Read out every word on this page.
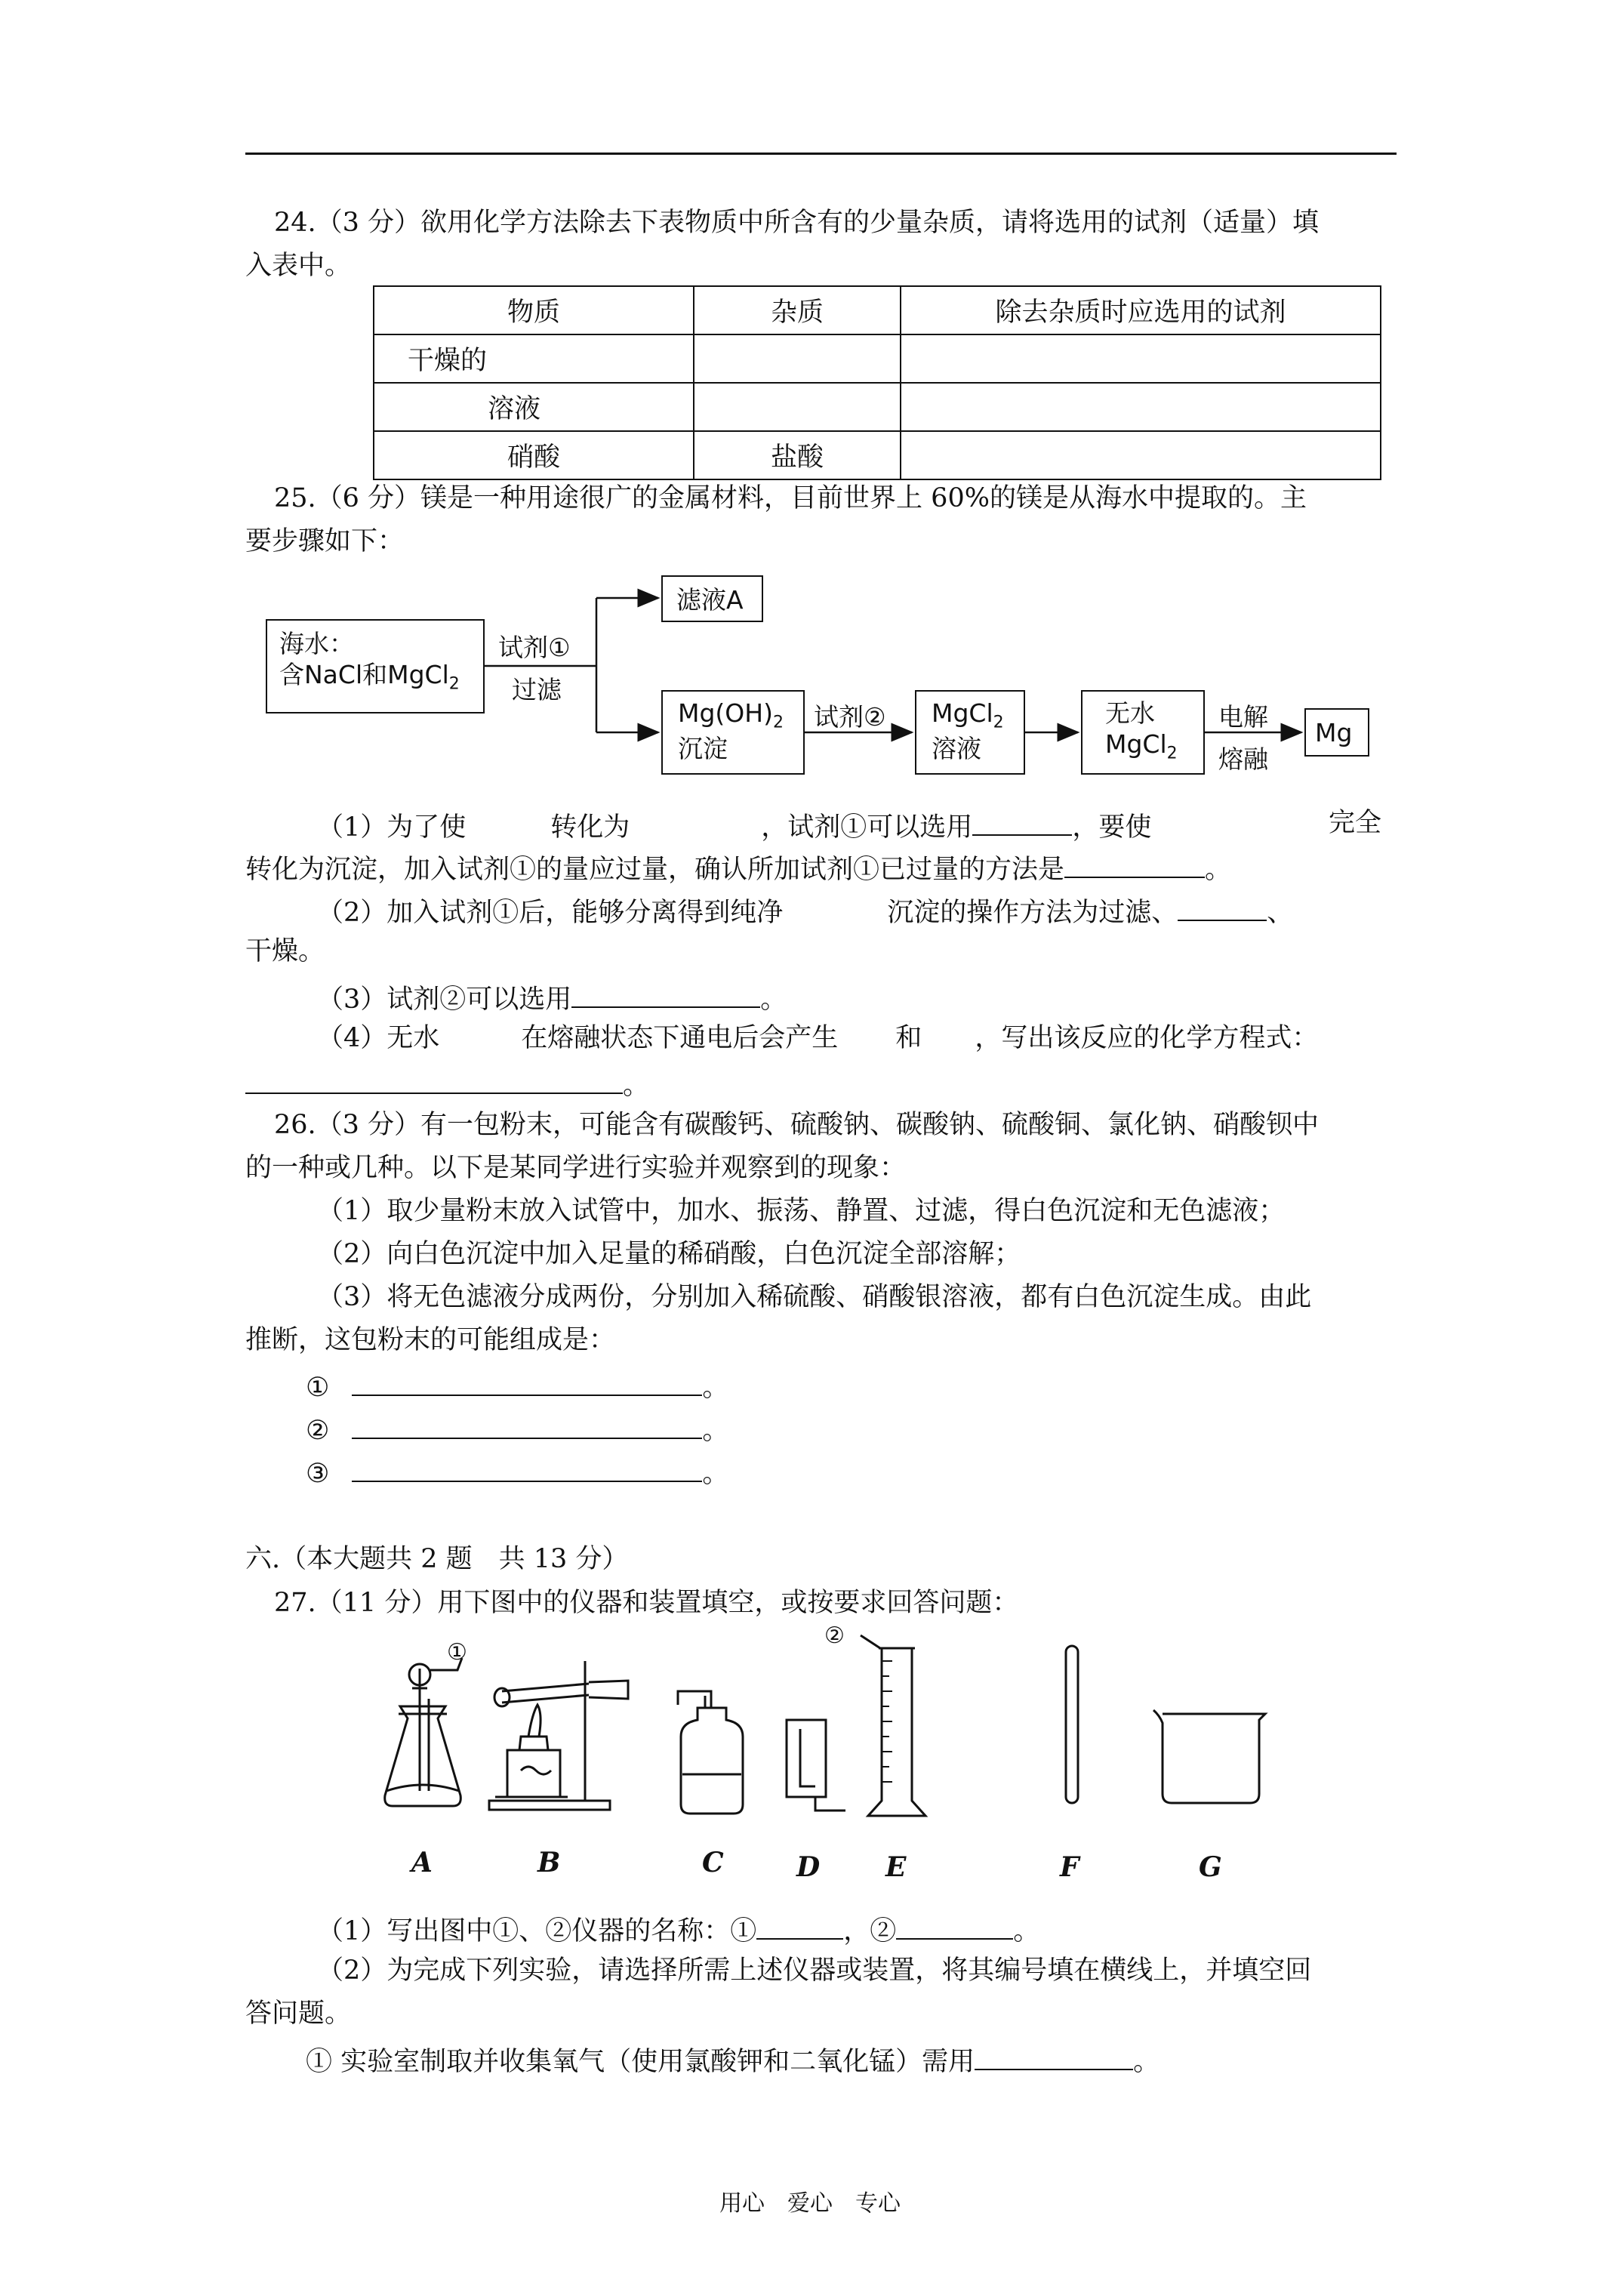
24.（3 分）欲用化学方法除去下表物质中所含有的少量杂质，请将选用的试剂（适量）填
入表中。
物质	杂质	除去杂质时应选用的试剂
干燥的		
溶液		
硝酸	盐酸	
25.（6 分）镁是一种用途很广的金属材料，目前世界上 60%的镁是从海水中提取的。主
要步骤如下：
海水：
含NaCl和MgCl$_2$
试剂①
过滤
滤液A
$Mg(OH)_2$
沉淀
试剂② MgCl$_2$
溶液
无水
MgCl$_2$
电解
熔融
Mg
（1）为了使	转化为	，试剂①可以选用	，要使	完全
转化为沉淀，加入试剂①的量应过量，确认所加试剂①已过量的方法是	。
（2）加入试剂①后，能够分离得到纯净	沉淀的操作方法为过滤、	、
干燥。
（3）试剂②可以选用	。
（4）无水	在熔融状态下通电后会产生 和 ，写出该反应的化学方程式：
。
26.（3 分）有一包粉末，可能含有碳酸钙、硫酸钠、碳酸钠、硫酸铜、氯化钠、硝酸钡中
的一种或几种。以下是某同学进行实验并观察到的现象：
（1）取少量粉末放入试管中，加水、振荡、静置、过滤，得白色沉淀和无色滤液；
（2）向白色沉淀中加入足量的稀硝酸，白色沉淀全部溶解；
（3）将无色滤液分成两份，分别加入稀硫酸、硝酸银溶液，都有白色沉淀生成。由此
推断，这包粉末的可能组成是：
①	。
②	。
③	。
六.（本大题共 2 题　共 13 分）
27.（11 分）用下图中的仪器和装置填空，或按要求回答问题：
①
②
A	B	C	D E	F	G
（1）写出图中①、②仪器的名称：①	，②	。
（2）为完成下列实验，请选择所需上述仪器或装置，将其编号填在横线上，并填空回
答问题。
① 实验室制取并收集氧气（使用氯酸钾和二氧化锰）需用	。
用心　爱心　专心
